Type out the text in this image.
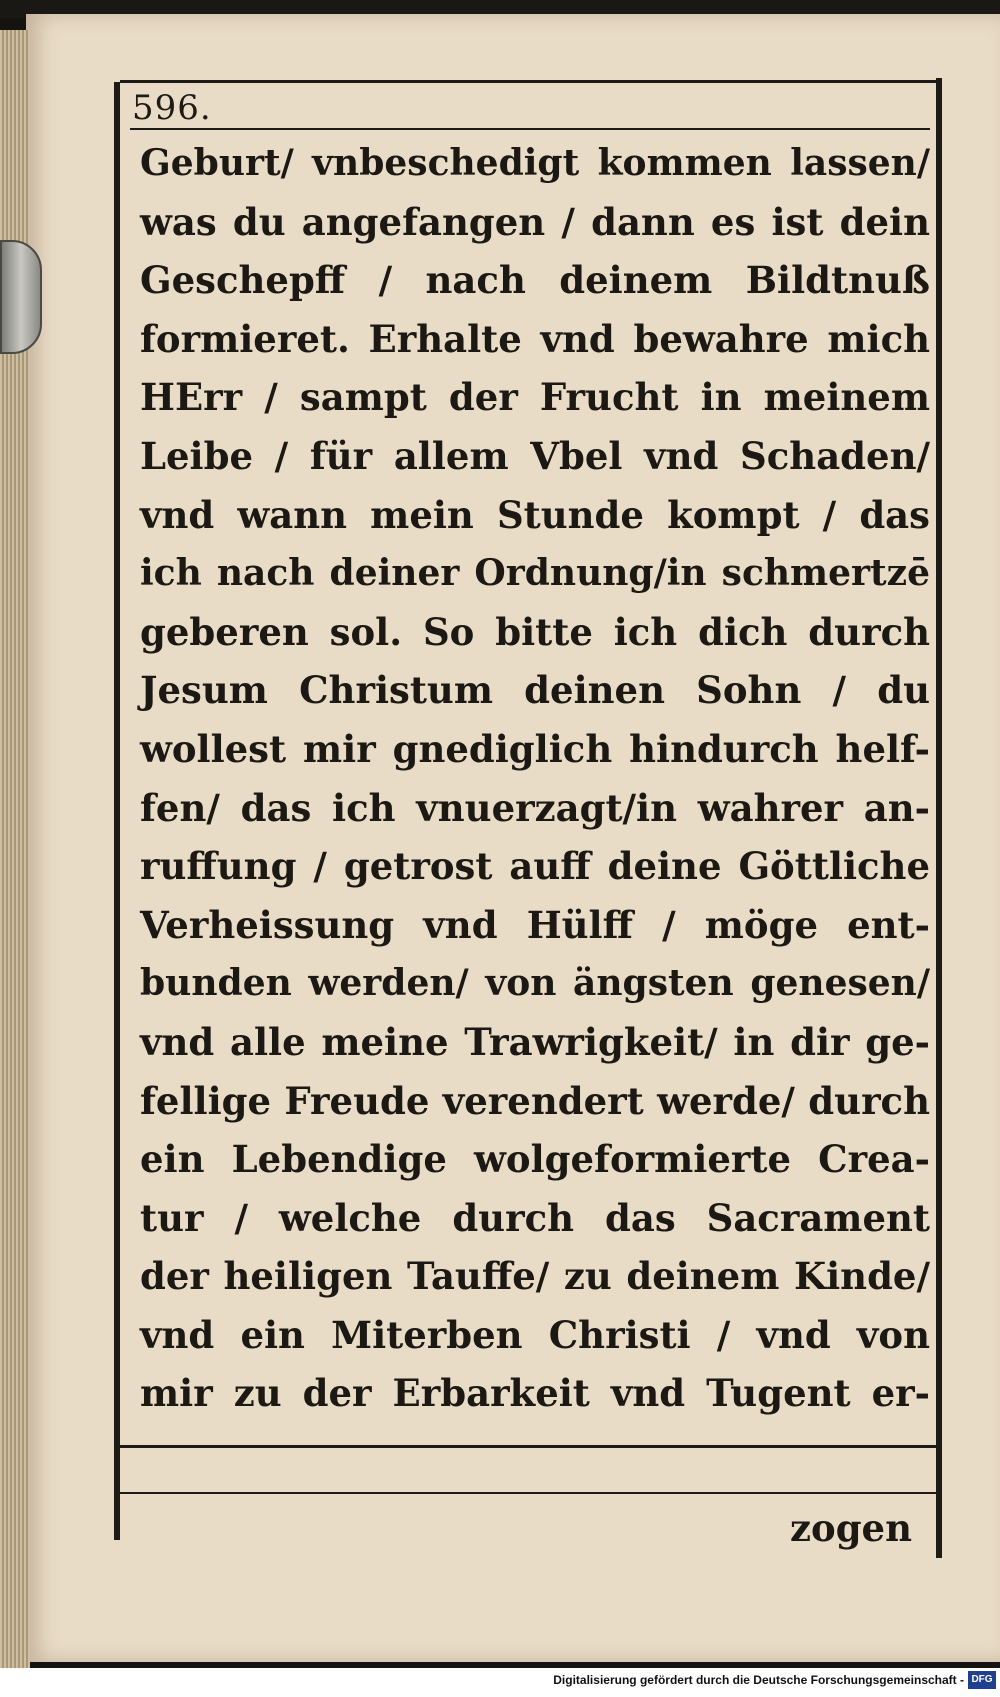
596.
Geburt/ vnbeschedigt kommen lassen/
was du angefangen / dann es ist dein
Geschepff / nach deinem Bildtnuß
formieret. Erhalte vnd bewahre mich
HErr / sampt der Frucht in meinem
Leibe / für allem Vbel vnd Schaden/
vnd wann mein Stunde kompt / das
ich nach deiner Ordnung/in schmertzē
geberen sol. So bitte ich dich durch
Jesum Christum deinen Sohn / du
wollest mir gnediglich hindurch helf-
fen/ das ich vnuerzagt/in wahrer an-
ruffung / getrost auff deine Göttliche
Verheissung vnd Hülff / möge ent-
bunden werden/ von ängsten genesen/
vnd alle meine Trawrigkeit/ in dir ge-
fellige Freude verendert werde/ durch
ein Lebendige wolgeformierte Crea-
tur / welche durch das Sacrament
der heiligen Tauffe/ zu deinem Kinde/
vnd ein Miterben Christi / vnd von
mir zu der Erbarkeit vnd Tugent er-
zogen
Digitalisierung gefördert durch die Deutsche Forschungsgemeinschaft - DFG
